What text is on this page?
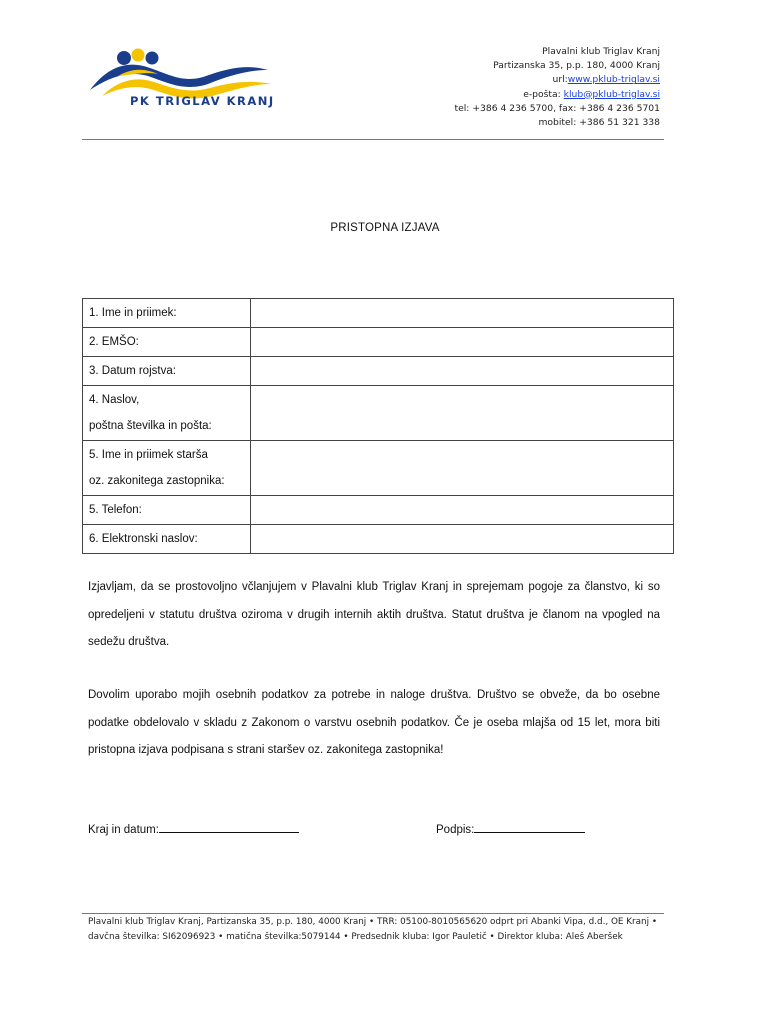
PK TRIGLAV KRANJ
Plavalni klub Triglav Kranj
Partizanska 35, p.p. 180, 4000 Kranj
url:www.pklub-triglav.si
e-pošta: klub@pklub-triglav.si
tel: +386 4 236 5700, fax: +386 4 236 5701
mobitel: +386 51 321 338
PRISTOPNA IZJAVA
1. Ime in priimek:	
2. EMŠO:	
3. Datum rojstva:	

4. Naslov,
poštna številka in pošta:	

5. Ime in priimek starša
oz. zakonitega zastopnika:	

5. Telefon:	
6. Elektronski naslov:	
Izjavljam, da se prostovoljno včlanjujem v Plavalni klub Triglav Kranj in sprejemam pogoje za članstvo, ki so opredeljeni v statutu društva oziroma v drugih internih aktih društva. Statut društva je članom na vpogled na sedežu društva.
Dovolim uporabo mojih osebnih podatkov za potrebe in naloge društva. Društvo se obveže, da bo osebne podatke obdelovalo v skladu z Zakonom o varstvu osebnih podatkov. Če je oseba mlajša od 15 let, mora biti pristopna izjava podpisana s strani staršev oz. zakonitega zastopnika!
Kraj in datum:	Podpis:
Plavalni klub Triglav Kranj, Partizanska 35, p.p. 180, 4000 Kranj • TRR: 05100-8010565620 odprt pri Abanki Vipa, d.d., OE Kranj •
davčna številka: SI62096923 • matična številka:5079144 • Predsednik kluba: Igor Pauletič • Direktor kluba: Aleš Aberšek
